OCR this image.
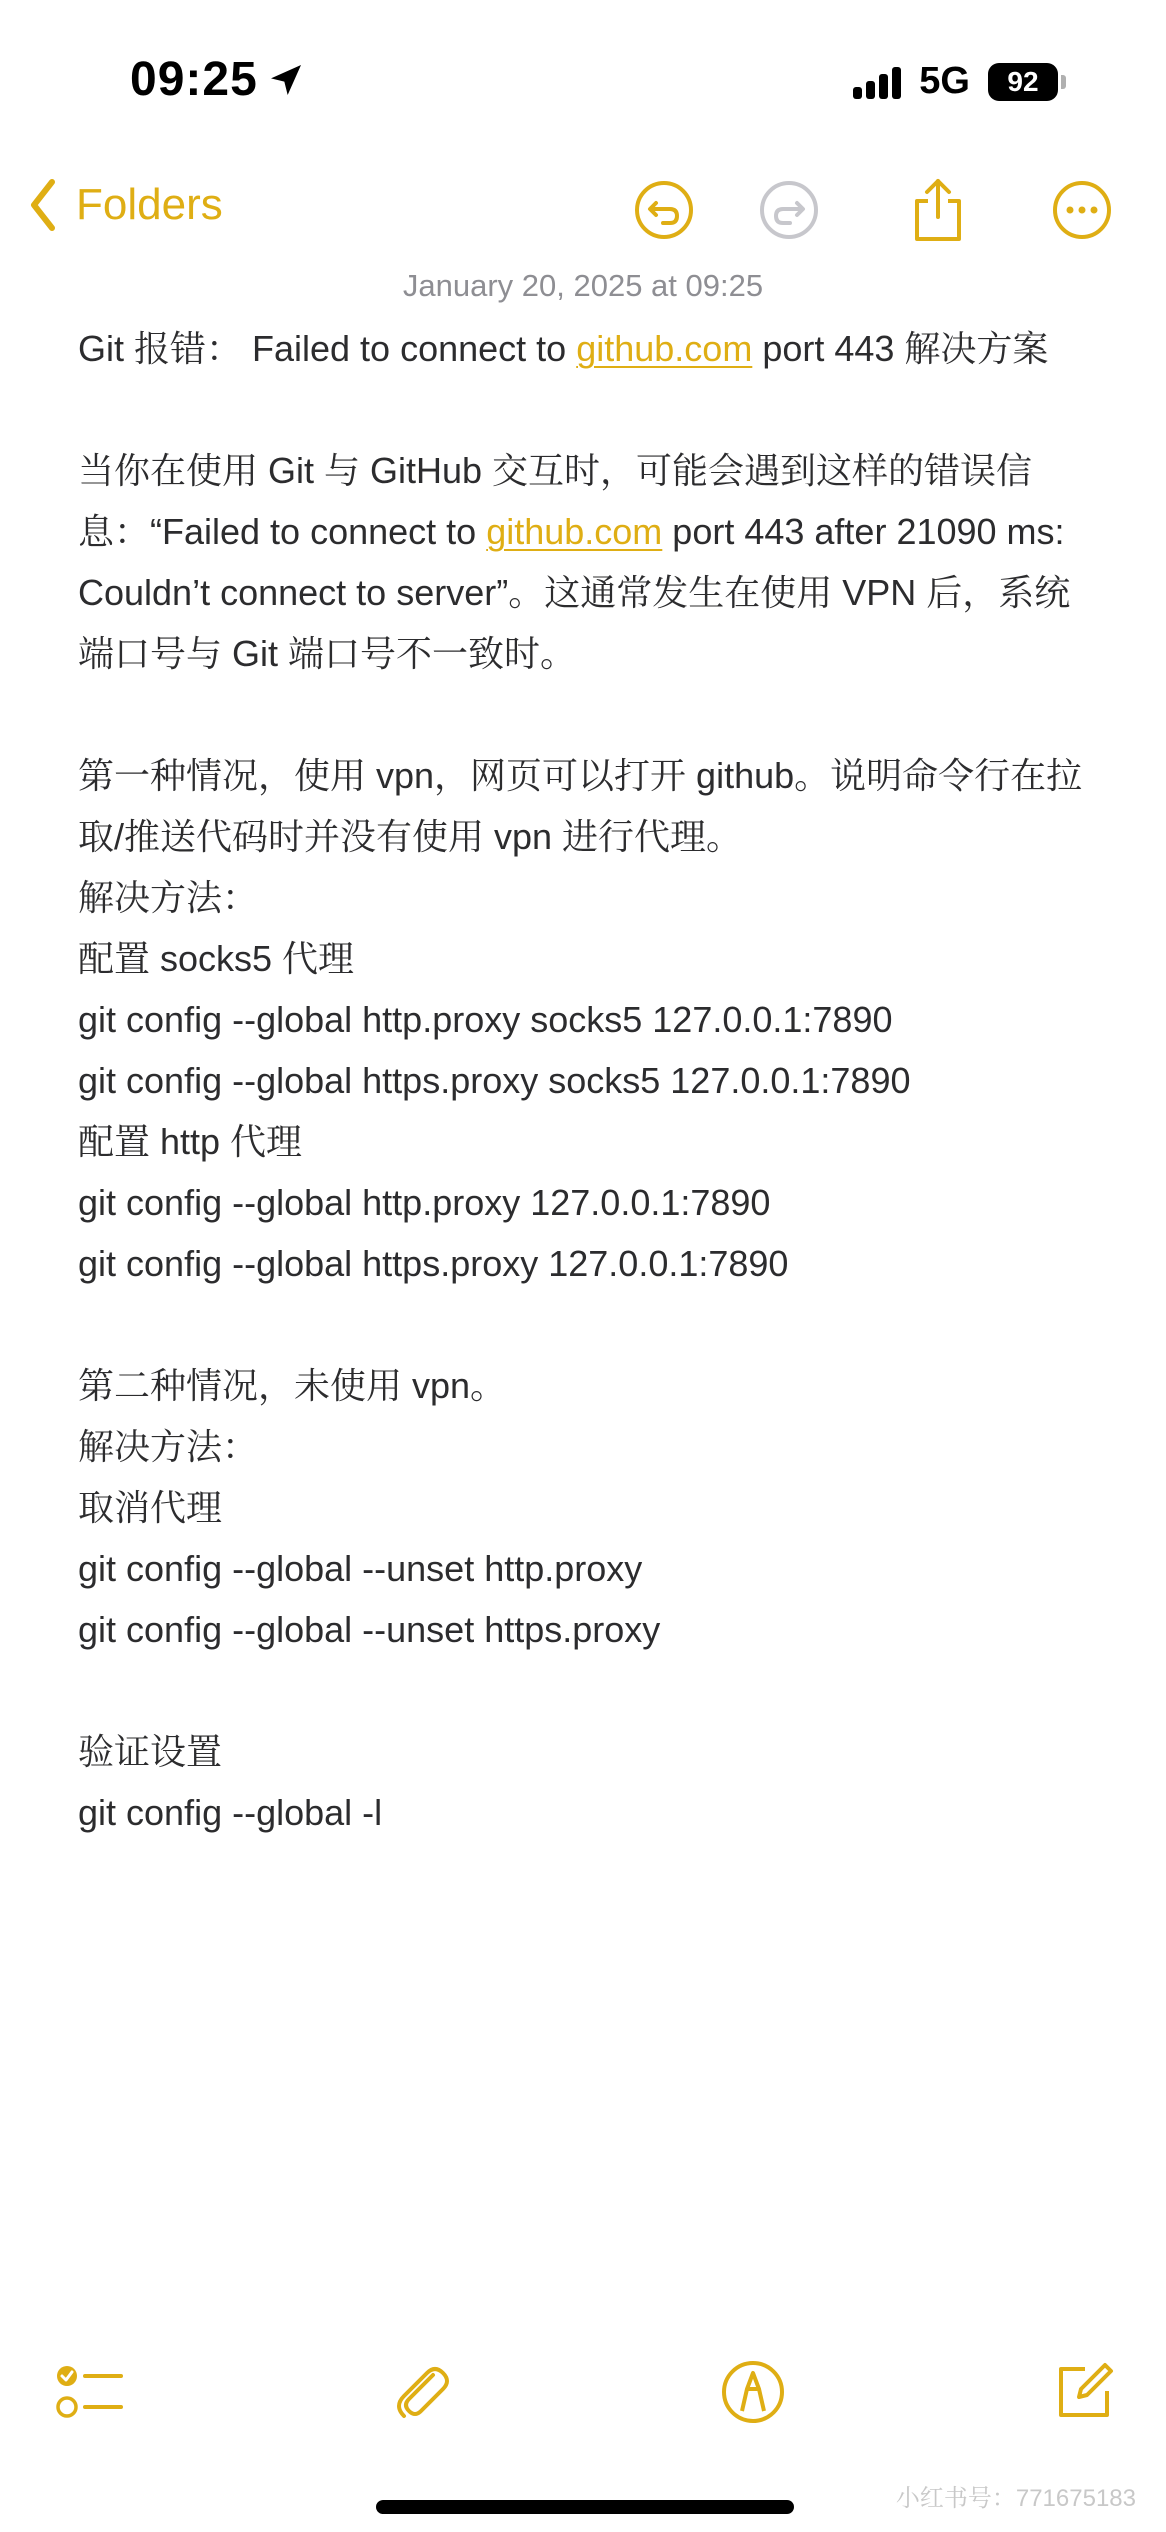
09:25	5G	92
Folders
January 20, 2025 at 09:25

Git 报错： Failed to connect to github.com port 443 解决方案

当你在使用 Git 与 GitHub 交互时，可能会遇到这样的错误信息：“Failed to connect to github.com port 443 after 21090 ms: Couldn’t connect to server”。这通常发生在使用 VPN 后，系统端口号与 Git 端口号不一致时。

第一种情况，使用 vpn，网页可以打开 github。说明命令行在拉取/推送代码时并没有使用 vpn 进行代理。

解决方法：

配置 socks5 代理

git config --global http.proxy socks5 127.0.0.1:7890

git config --global https.proxy socks5 127.0.0.1:7890

配置 http 代理

git config --global http.proxy 127.0.0.1:7890

git config --global https.proxy 127.0.0.1:7890

第二种情况，未使用 vpn。

解决方法：

取消代理

git config --global --unset http.proxy

git config --global --unset https.proxy

验证设置

git config --global -l

小红书号：771675183
